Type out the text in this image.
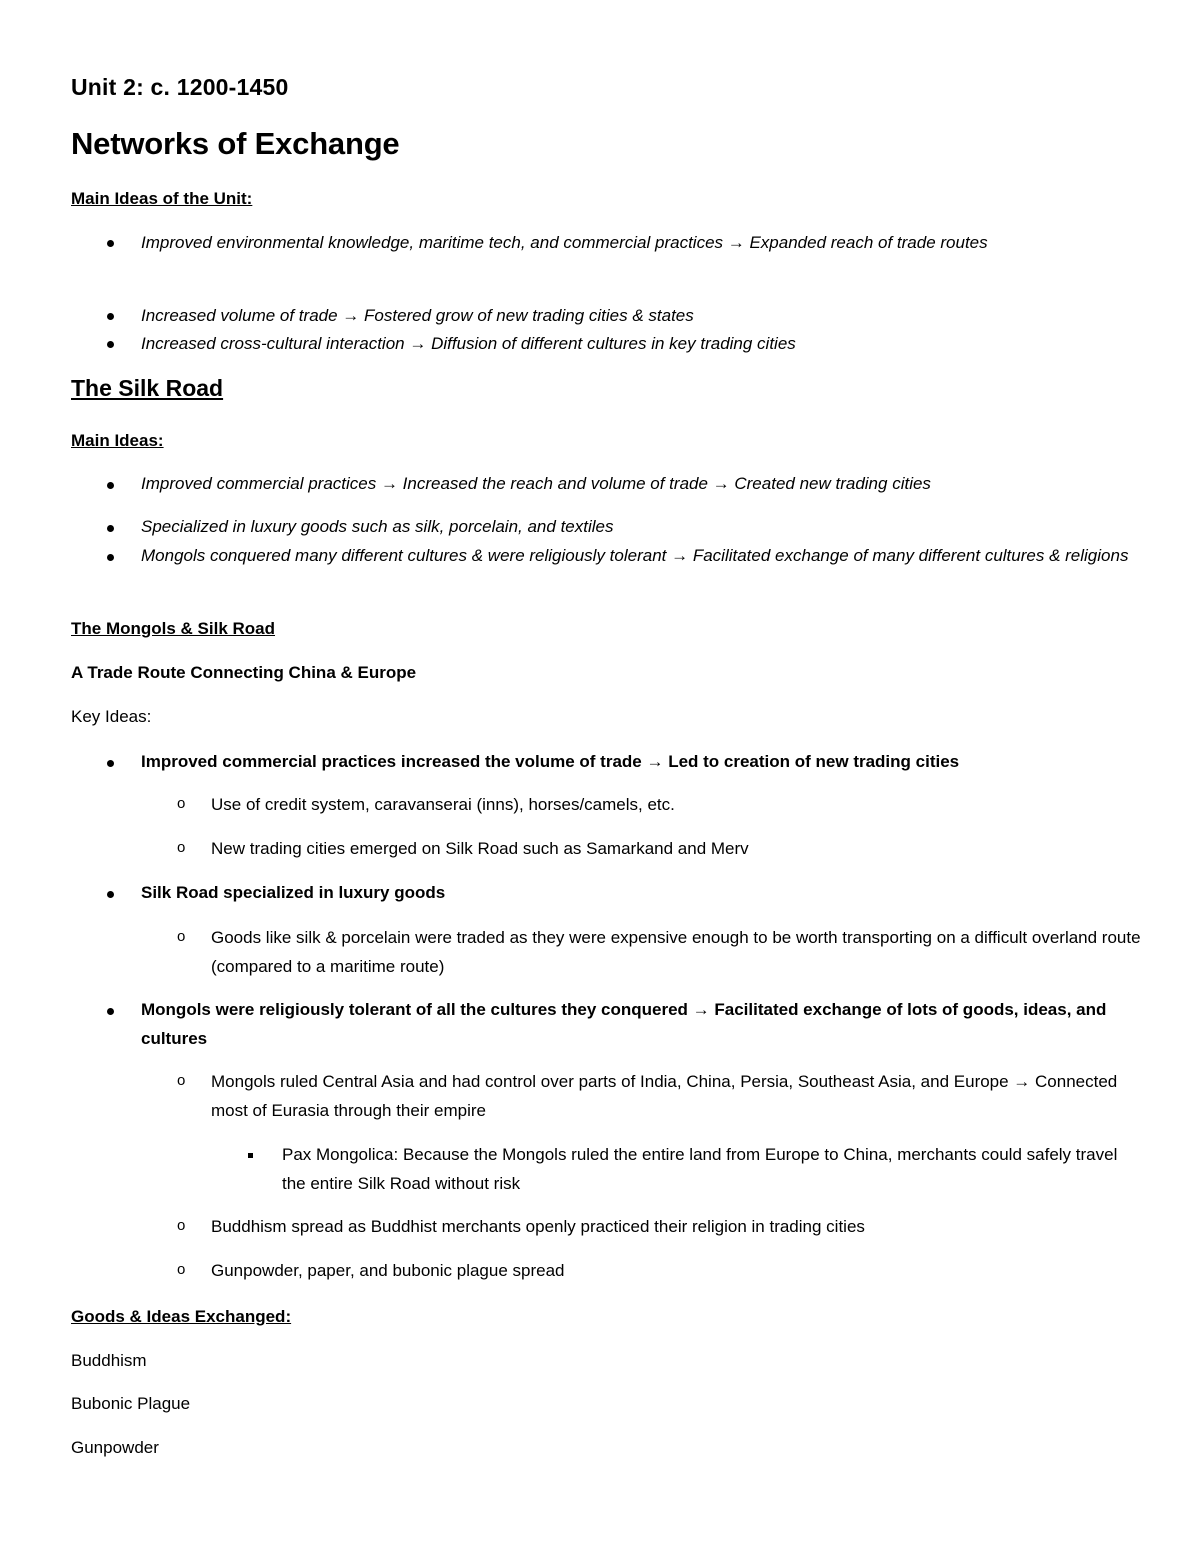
Unit 2: c. 1200-1450
Networks of Exchange
Main Ideas of the Unit:
Improved environmental knowledge, maritime tech, and commercial practices → Expanded reach of trade routes
Increased volume of trade → Fostered grow of new trading cities & states
Increased cross-cultural interaction → Diffusion of different cultures in key trading cities
The Silk Road
Main Ideas:
Improved commercial practices → Increased the reach and volume of trade → Created new trading cities
Specialized in luxury goods such as silk, porcelain, and textiles
Mongols conquered many different cultures & were religiously tolerant → Facilitated exchange of many different cultures & religions
The Mongols & Silk Road
A Trade Route Connecting China & Europe
Key Ideas:
Improved commercial practices increased the volume of trade → Led to creation of new trading cities
o Use of credit system, caravanserai (inns), horses/camels, etc.
o New trading cities emerged on Silk Road such as Samarkand and Merv
Silk Road specialized in luxury goods
o Goods like silk & porcelain were traded as they were expensive enough to be worth transporting on a difficult overland route (compared to a maritime route)
Mongols were religiously tolerant of all the cultures they conquered → Facilitated exchange of lots of goods, ideas, and cultures
o Mongols ruled Central Asia and had control over parts of India, China, Persia, Southeast Asia, and Europe → Connected most of Eurasia through their empire
Pax Mongolica: Because the Mongols ruled the entire land from Europe to China, merchants could safely travel the entire Silk Road without risk
o Buddhism spread as Buddhist merchants openly practiced their religion in trading cities
o Gunpowder, paper, and bubonic plague spread
Goods & Ideas Exchanged:
Buddhism
Bubonic Plague
Gunpowder
